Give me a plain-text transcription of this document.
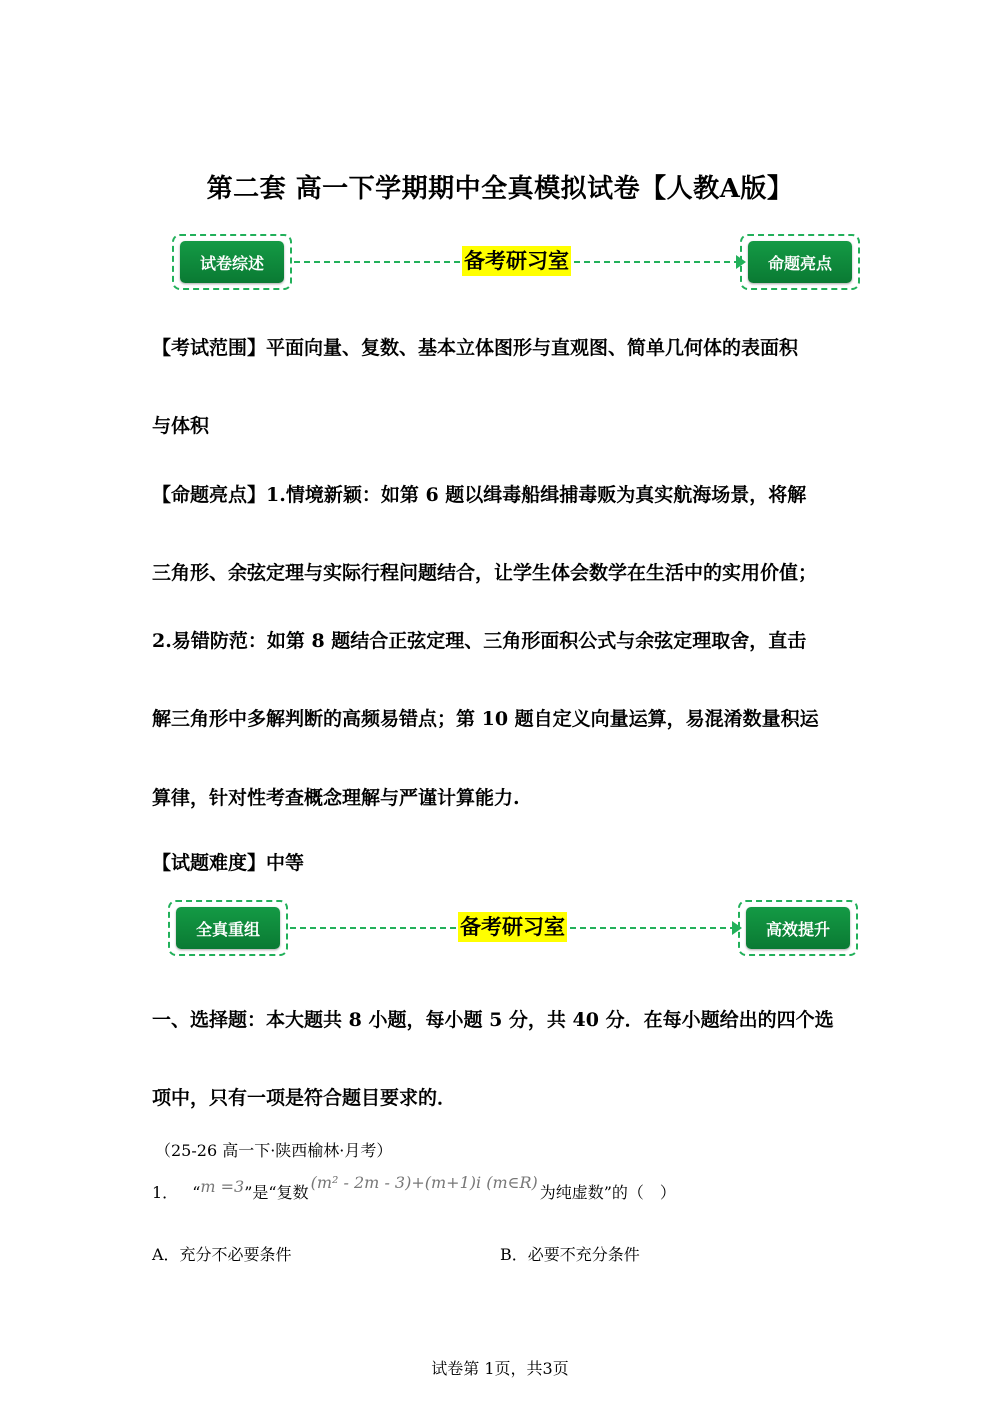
第二套 高一下学期期中全真模拟试卷【人教A版】
试卷综述	备考研习室	命题亮点
【考试范围】平面向量、复数、基本立体图形与直观图、简单几何体的表面积
与体积
【命题亮点】1.情境新颖：如第 6 题以缉毒船缉捕毒贩为真实航海场景，将解
三角形、余弦定理与实际行程问题结合，让学生体会数学在生活中的实用价值；
2.易错防范：如第 8 题结合正弦定理、三角形面积公式与余弦定理取舍，直击
解三角形中多解判断的高频易错点；第 10 题自定义向量运算，易混淆数量积运
算律，针对性考查概念理解与严谨计算能力.
【试题难度】中等
全真重组	备考研习室	高效提升
一、选择题：本大题共 8 小题，每小题 5 分，共 40 分．在每小题给出的四个选
项中，只有一项是符合题目要求的．
（25-26 高一下·陕西榆林·月考）
1． “m =3”是“复数(m² - 2m - 3)+(m+1)i (m∈R)为纯虚数”的（　）
A．充分不必要条件	B．必要不充分条件
试卷第 1页，共3页
